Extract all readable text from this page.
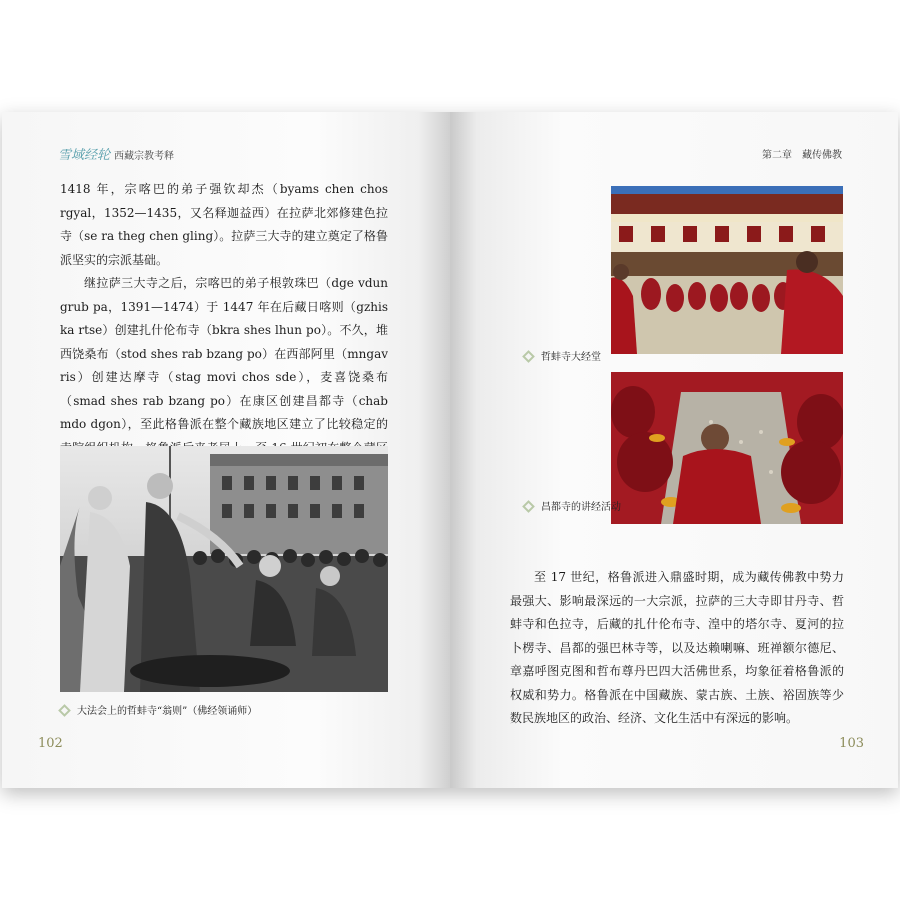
雪域经轮 西藏宗教考释

1418 年，宗喀巴的弟子强钦却杰（byams chen chos rgyal，1352—1435，又名释迦益西）在拉萨北郊修建色拉寺（se ra theg chen gling）。拉萨三大寺的建立奠定了格鲁派坚实的宗派基础。

继拉萨三大寺之后，宗喀巴的弟子根敦珠巴（dge vdun grub pa，1391—1474）于 1447 年在后藏日喀则（gzhis ka rtse）创建扎什伦布寺（bkra shes lhun po）。不久，堆西饶桑布（stod shes rab bzang po）在西部阿里（mngav ris）创建达摩寺（stag movi chos sde），麦喜饶桑布（smad shes rab bzang po）在康区创建昌都寺（chab mdo dgon），至此格鲁派在整个藏族地区建立了比较稳定的

大法会上的哲蚌寺“翁则”（佛经领诵师）
102
第二章 藏传佛教
哲蚌寺大经堂
昌都寺的讲经活动

至 17 世纪，格鲁派进入鼎盛时期，成为藏传佛教中势力最强大、影响最深远的一大宗派，拉萨的三大寺即甘丹寺、哲蚌寺和色拉寺，后藏的扎什伦布寺、湟中的塔尔寺、夏河的拉卜楞寺、昌都的强巴林寺等，以及达赖喇嘛、班禅额尔德尼、章嘉呼图克图和哲布尊丹巴四大活佛世系，均象征着格鲁派的权威和势力。格鲁派在中国藏族、蒙古族、土族、裕固族等少数民族地区的政治、经济、文化生活中有深远的影响。

103
